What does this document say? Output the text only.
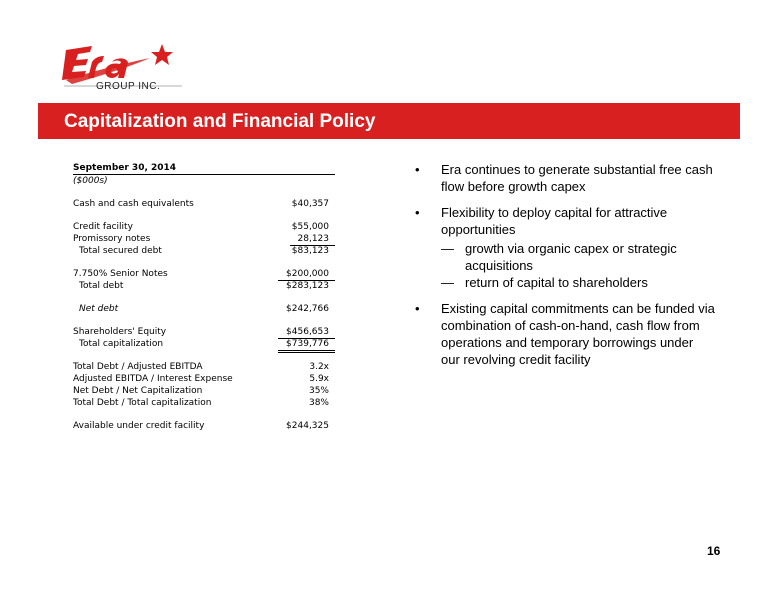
GROUP INC.
Capitalization and Financial Policy
September 30, 2014
($000s)
Cash and cash equivalents	$40,357
Credit facility	$55,000
Promissory notes	28,123
Total secured debt	$83,123
7.750% Senior Notes	$200,000
Total debt	$283,123
Net debt	$242,766
Shareholders' Equity	$456,653
Total capitalization	$739,776
Total Debt / Adjusted EBITDA	3.2x
Adjusted EBITDA / Interest Expense	5.9x
Net Debt / Net Capitalization	35%
Total Debt / Total capitalization	38%
Available under credit facility	$244,325
•	Era continues to generate substantial free cash flow before growth capex
•	Flexibility to deploy capital for attractive opportunities
— growth via organic capex or strategic acquisitions
— return of capital to shareholders
•	Existing capital commitments can be funded via combination of cash-on-hand, cash flow from operations and temporary borrowings under our revolving credit facility
16
